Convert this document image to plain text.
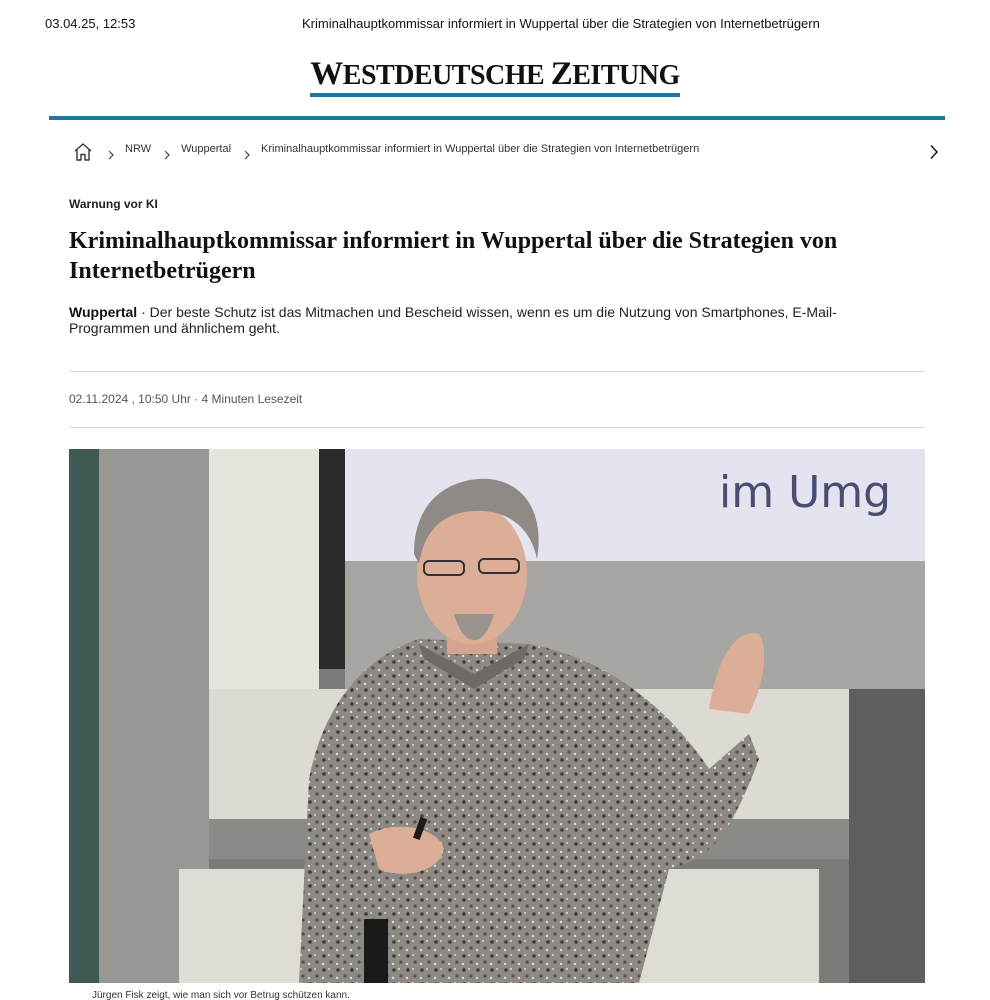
03.04.25, 12:53	Kriminalhauptkommissar informiert in Wuppertal über die Strategien von Internetbetrügern
WESTDEUTSCHE ZEITUNG
NRW	Wuppertal	Kriminalhauptkommissar informiert in Wuppertal über die Strategien von Internetbetrügern
Warnung vor KI
Kriminalhauptkommissar informiert in Wuppertal über die Strategien von Internetbetrügern

Wuppertal · Der beste Schutz ist das Mitmachen und Bescheid wissen, wenn es um die Nutzung von Smartphones, E-Mail-Programmen und ähnlichem geht.

02.11.2024 , 10:50 Uhr · 4 Minuten Lesezeit
im Umg
Jürgen Fisk zeigt, wie man sich vor Betrug schützen kann.
